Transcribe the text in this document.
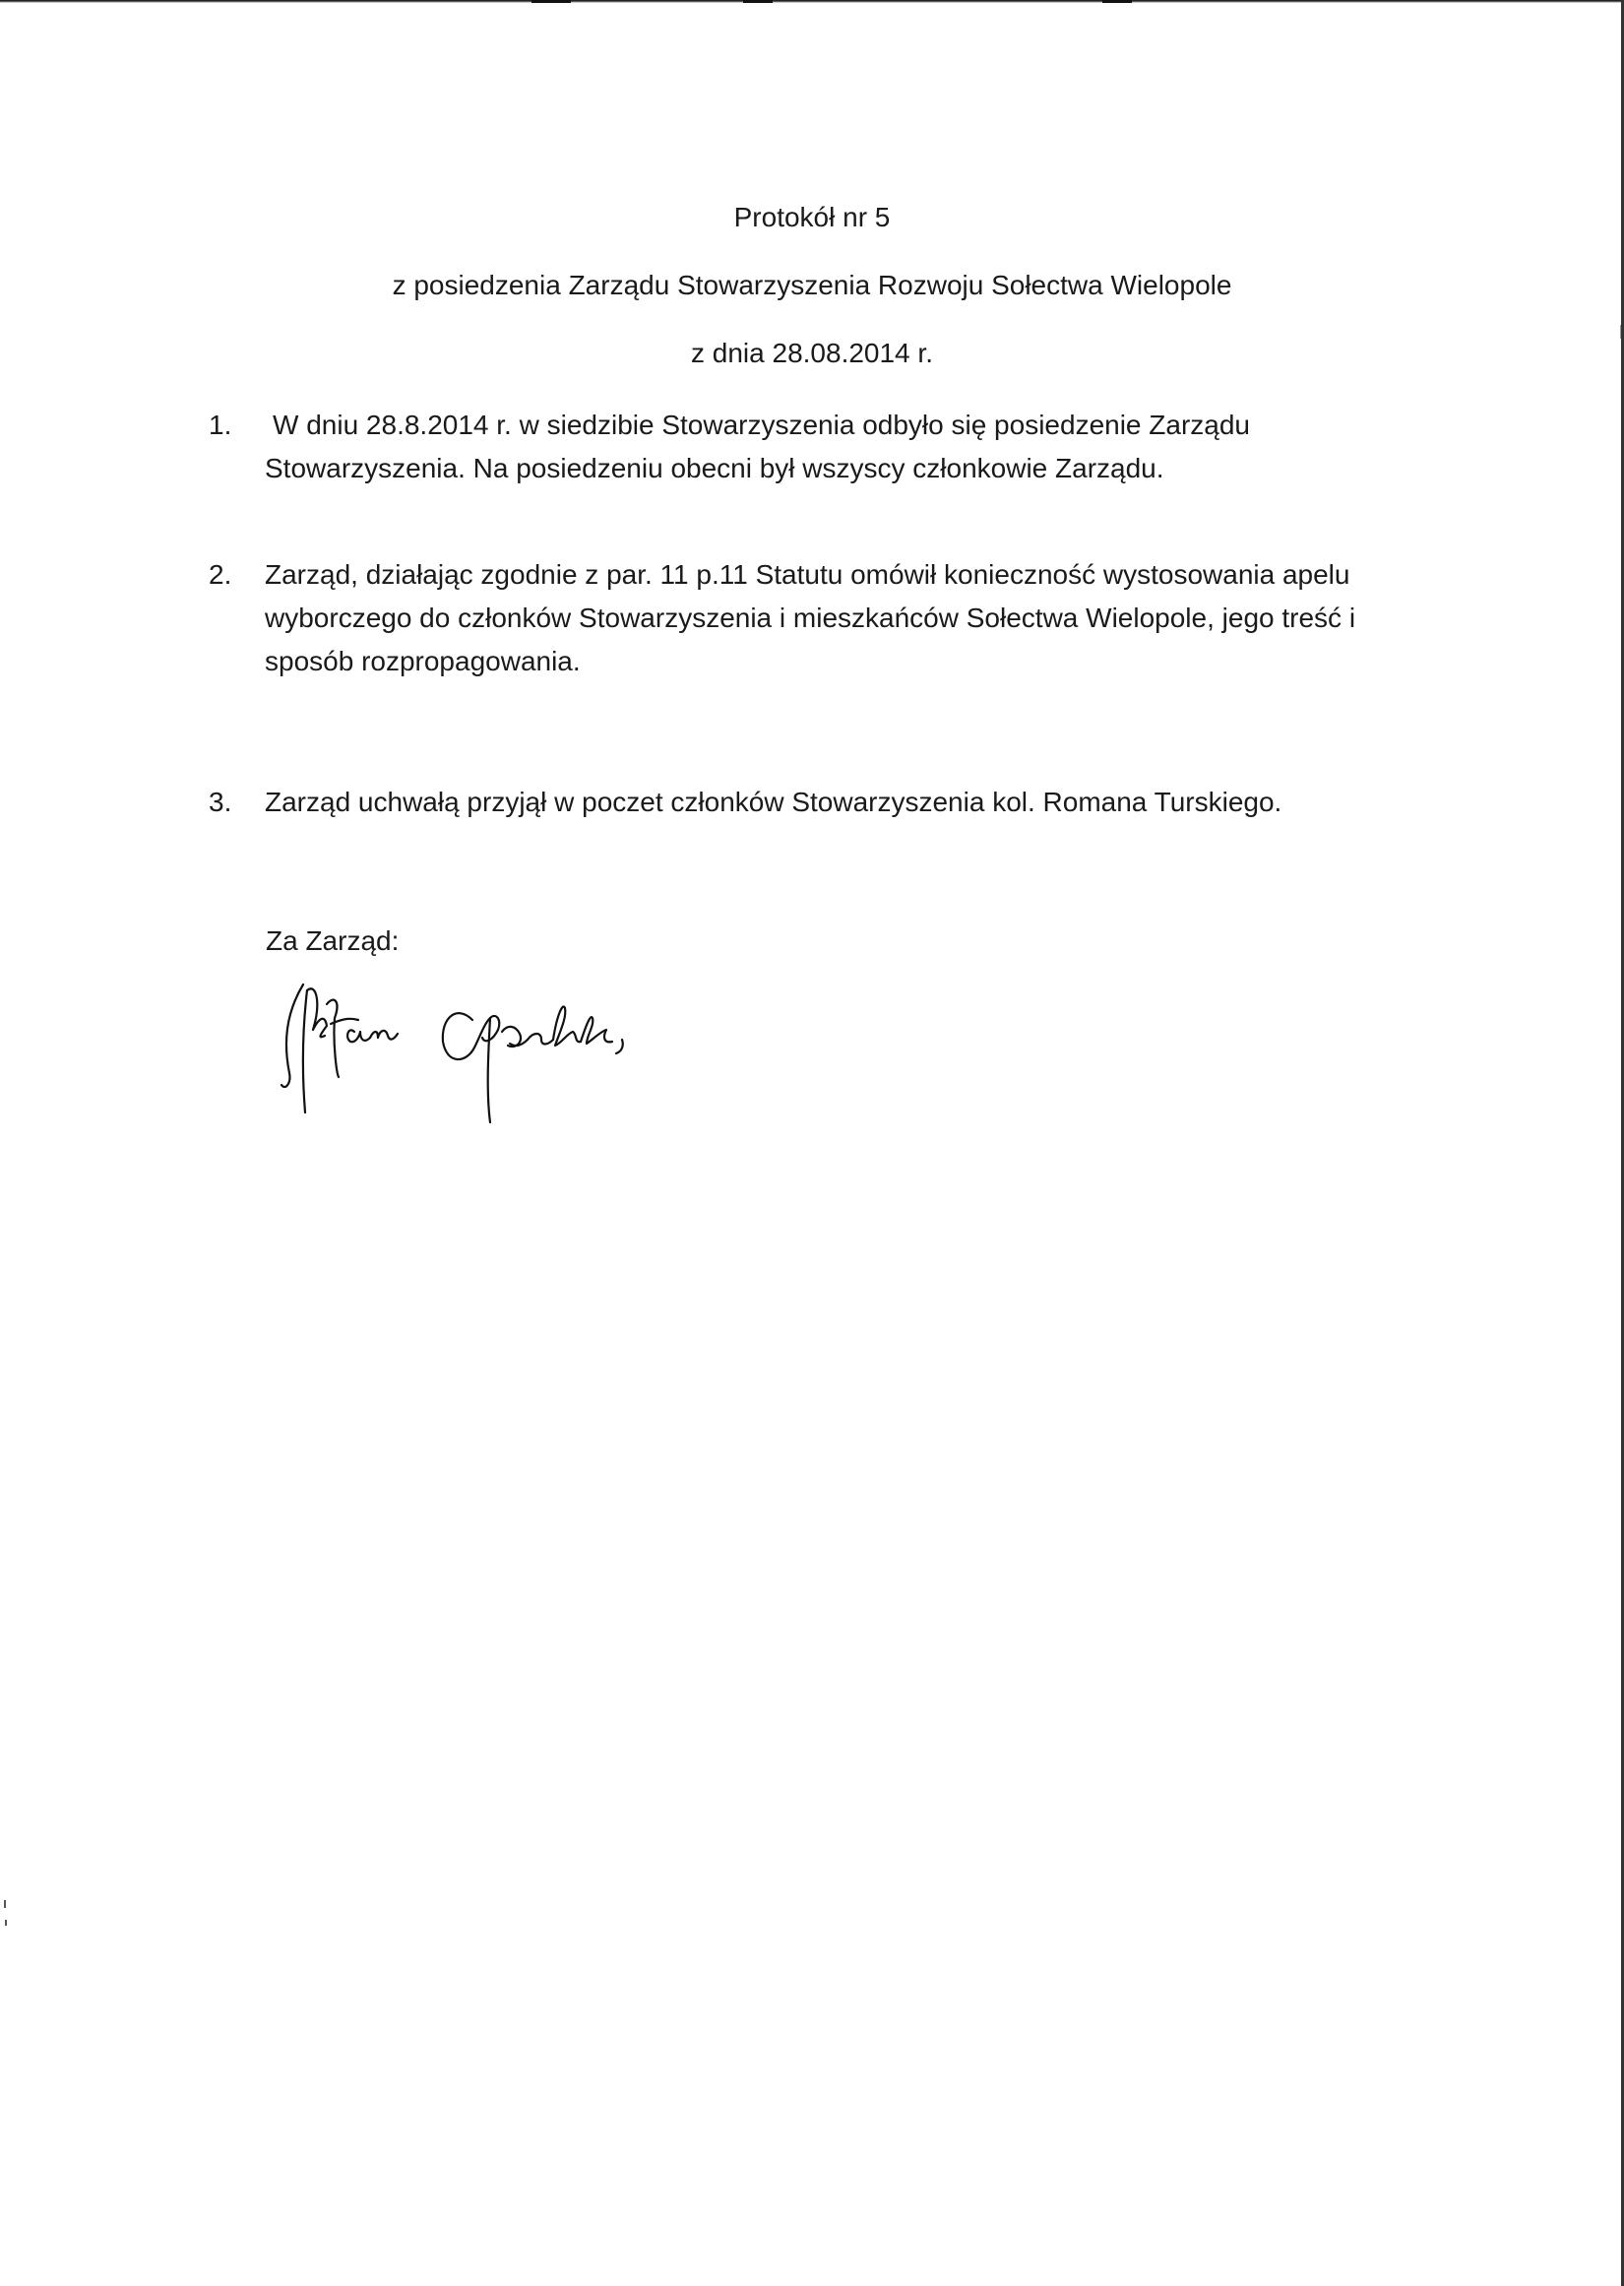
Protokół nr 5
z posiedzenia Zarządu Stowarzyszenia Rozwoju Sołectwa Wielopole
z dnia 28.08.2014 r.
1.	W dniu 28.8.2014 r. w siedzibie Stowarzyszenia odbyło się posiedzenie Zarządu
Stowarzyszenia. Na posiedzeniu obecni był wszyscy członkowie Zarządu.
2.	Zarząd, działając zgodnie z par. 11 p.11 Statutu omówił konieczność wystosowania apelu
wyborczego do członków Stowarzyszenia i mieszkańców Sołectwa Wielopole, jego treść i
sposób rozpropagowania.
3.	Zarząd uchwałą przyjął w poczet członków Stowarzyszenia kol. Romana Turskiego.
Za Zarząd:
